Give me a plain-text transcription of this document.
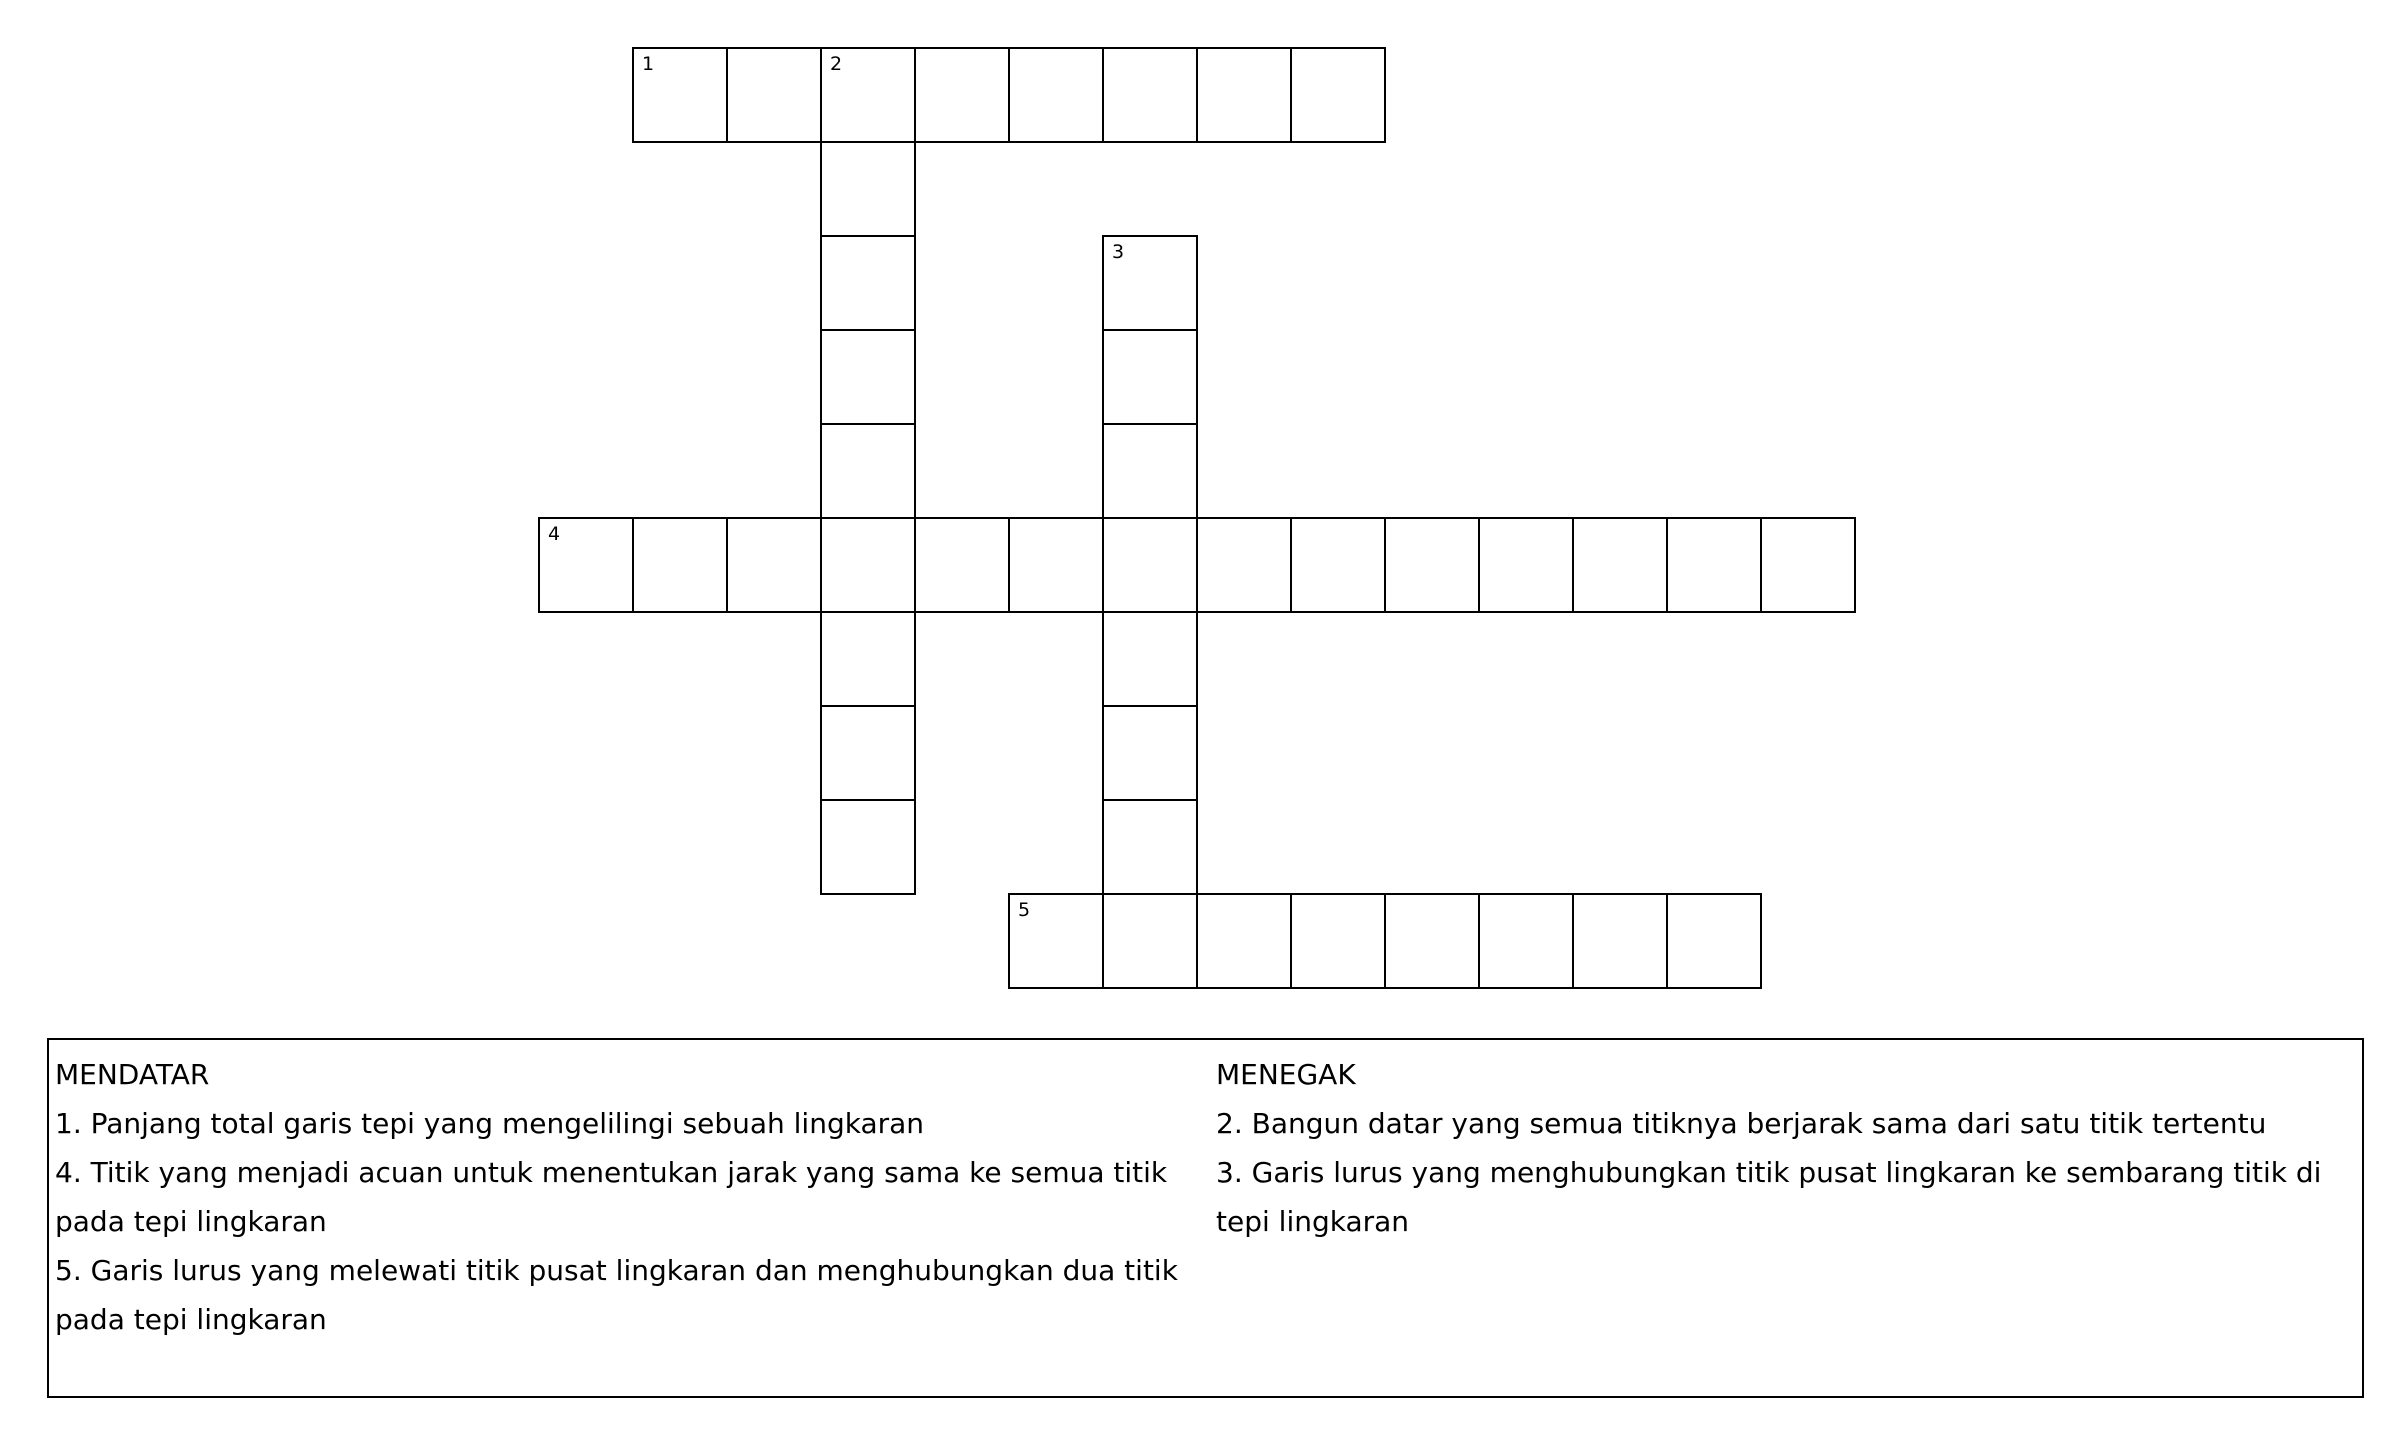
1	2
3
4
5
MENDATAR
1. Panjang total garis tepi yang mengelilingi sebuah lingkaran
4. Titik yang menjadi acuan untuk menentukan jarak yang sama ke semua titik pada tepi lingkaran
5. Garis lurus yang melewati titik pusat lingkaran dan menghubungkan dua titik pada tepi lingkaran
MENEGAK
2. Bangun datar yang semua titiknya berjarak sama dari satu titik tertentu
3. Garis lurus yang menghubungkan titik pusat lingkaran ke sembarang titik di tepi lingkaran
